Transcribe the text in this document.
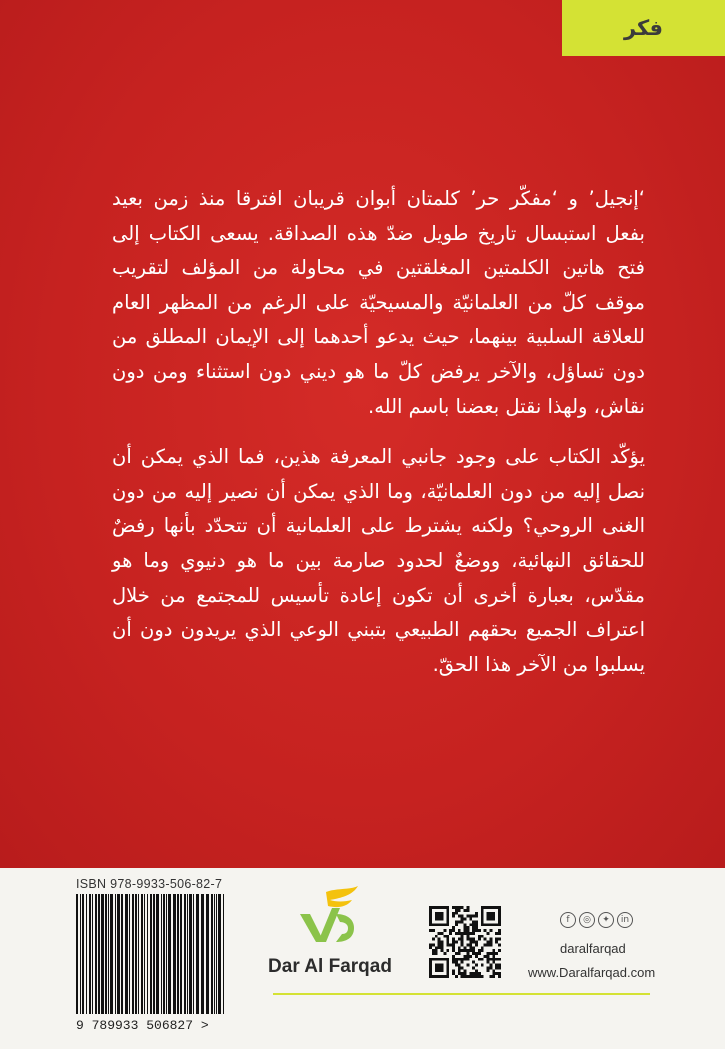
فكر

‘إنجيل’ و ‘مفكّر حر’ كلمتان أبوان قريبان افترقا منذ زمن بعيد بفعل استبسال تاريخ طويل ضدّ هذه الصداقة. يسعى الكتاب إلى فتح هاتين الكلمتين المغلقتين في محاولة من المؤلف لتقريب موقف كلّ من العلمانيّة والمسيحيّة على الرغم من المظهر العام للعلاقة السلبية بينهما، حيث يدعو أحدهما إلى الإيمان المطلق من دون تساؤل، والآخر يرفض كلّ ما هو ديني دون استثناء ومن دون نقاش، ولهذا نقتل بعضنا باسم الله.

يؤكّد الكتاب على وجود جانبي المعرفة هذين، فما الذي يمكن أن نصل إليه من دون العلمانيّة، وما الذي يمكن أن نصير إليه من دون الغنى الروحي؟ ولكنه يشترط على العلمانية أن تتحدّد بأنها رفضٌ للحقائق النهائية، ووضعٌ لحدود صارمة بين ما هو دنيوي وما هو مقدّس، بعبارة أخرى أن تكون إعادة تأسيس للمجتمع من خلال اعتراف الجميع بحقهم الطبيعي بتبني الوعي الذي يريدون دون أن يسلبوا من الآخر هذا الحقّ.

ISBN 978-9933-506-82-7
9 789933 506827 >
Dar Al Farqad
f	◎	✦	in
daralfarqad
www.Daralfarqad.com
